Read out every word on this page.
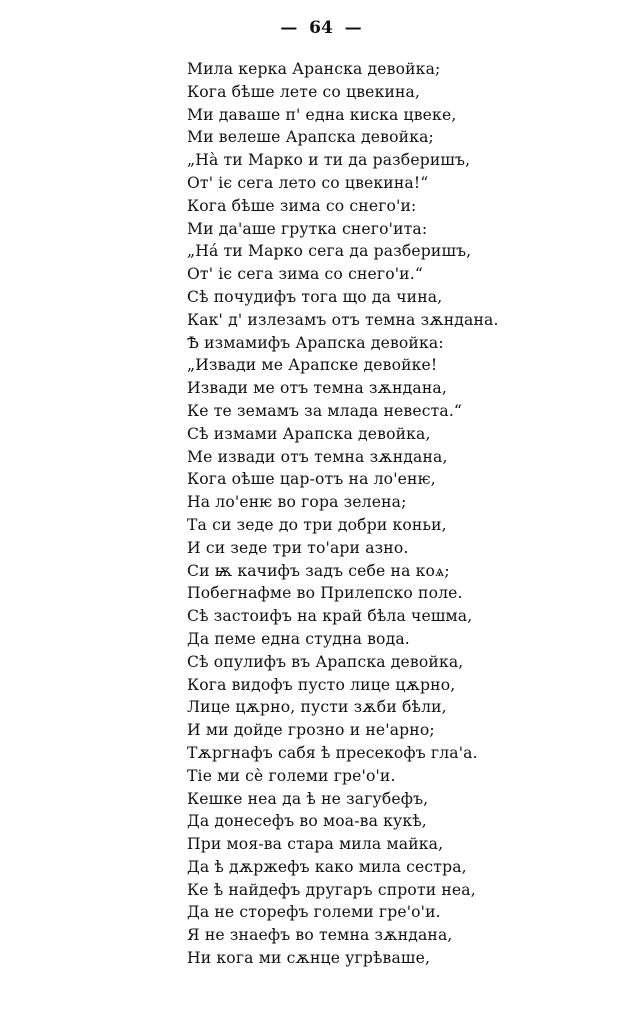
—  64  —
Мила керка Аранска девойка;
Кога бѣше лете со цвекина,
Ми даваше п' една киска цвеке,
Ми велеше Арапска девойка;
„Нà ти Марко и ти да разберишъ,
От' iє сега лето со цвекина!“
Кога бѣше зима со снего'и:
Ми да'аше грутка снего'ита:
„Нá ти Марко сега да разберишъ,
От' iє сега зима со снего'и.“
Сѣ почудифъ тога що да чина,
Как' д' излезамъ отъ темна зѫндана.
Ѣ измамифъ Арапска девойка:
„Извади ме Арапске девойке!
Извади ме отъ темна зѫндана,
Ке те земамъ за млада невеста.“
Сѣ измами Арапска девойка,
Ме извади отъ темна зѫндана,
Кога оѣше цар-отъ на ло'енѥ,
На ло'енѥ во гора зелена;
Та си зеде до три добри коньи,
И си зеде три то'ари азно.
Си ѭ качифъ задъ себе на коѧ;
Побегнафме во Прилепско поле.
Сѣ застоифъ на край бѣла чешма,
Да пеме една студна вода.
Сѣ опулифъ въ Арапска девойка,
Кога видофъ пусто лице цѫрно,
Лице цѫрно, пусти зѫби бѣли,
И ми дойде грозно и не'арно;
Тѫргнафъ сабя ѣ пресекофъ гла'а.
Тiе ми сѐ големи гре'о'и.
Кешке неа да ѣ не загубефъ,
Да донесефъ во моа-ва кукѣ,
При моя-ва стара мила майка,
Да ѣ дѫржефъ како мила сестра,
Ке ѣ найдефъ другаръ спроти неа,
Да не сторефъ големи гре'о'и.
Я не знаефъ во темна зѫндана,
Ни кога ми сѫнце угрѣваше,
